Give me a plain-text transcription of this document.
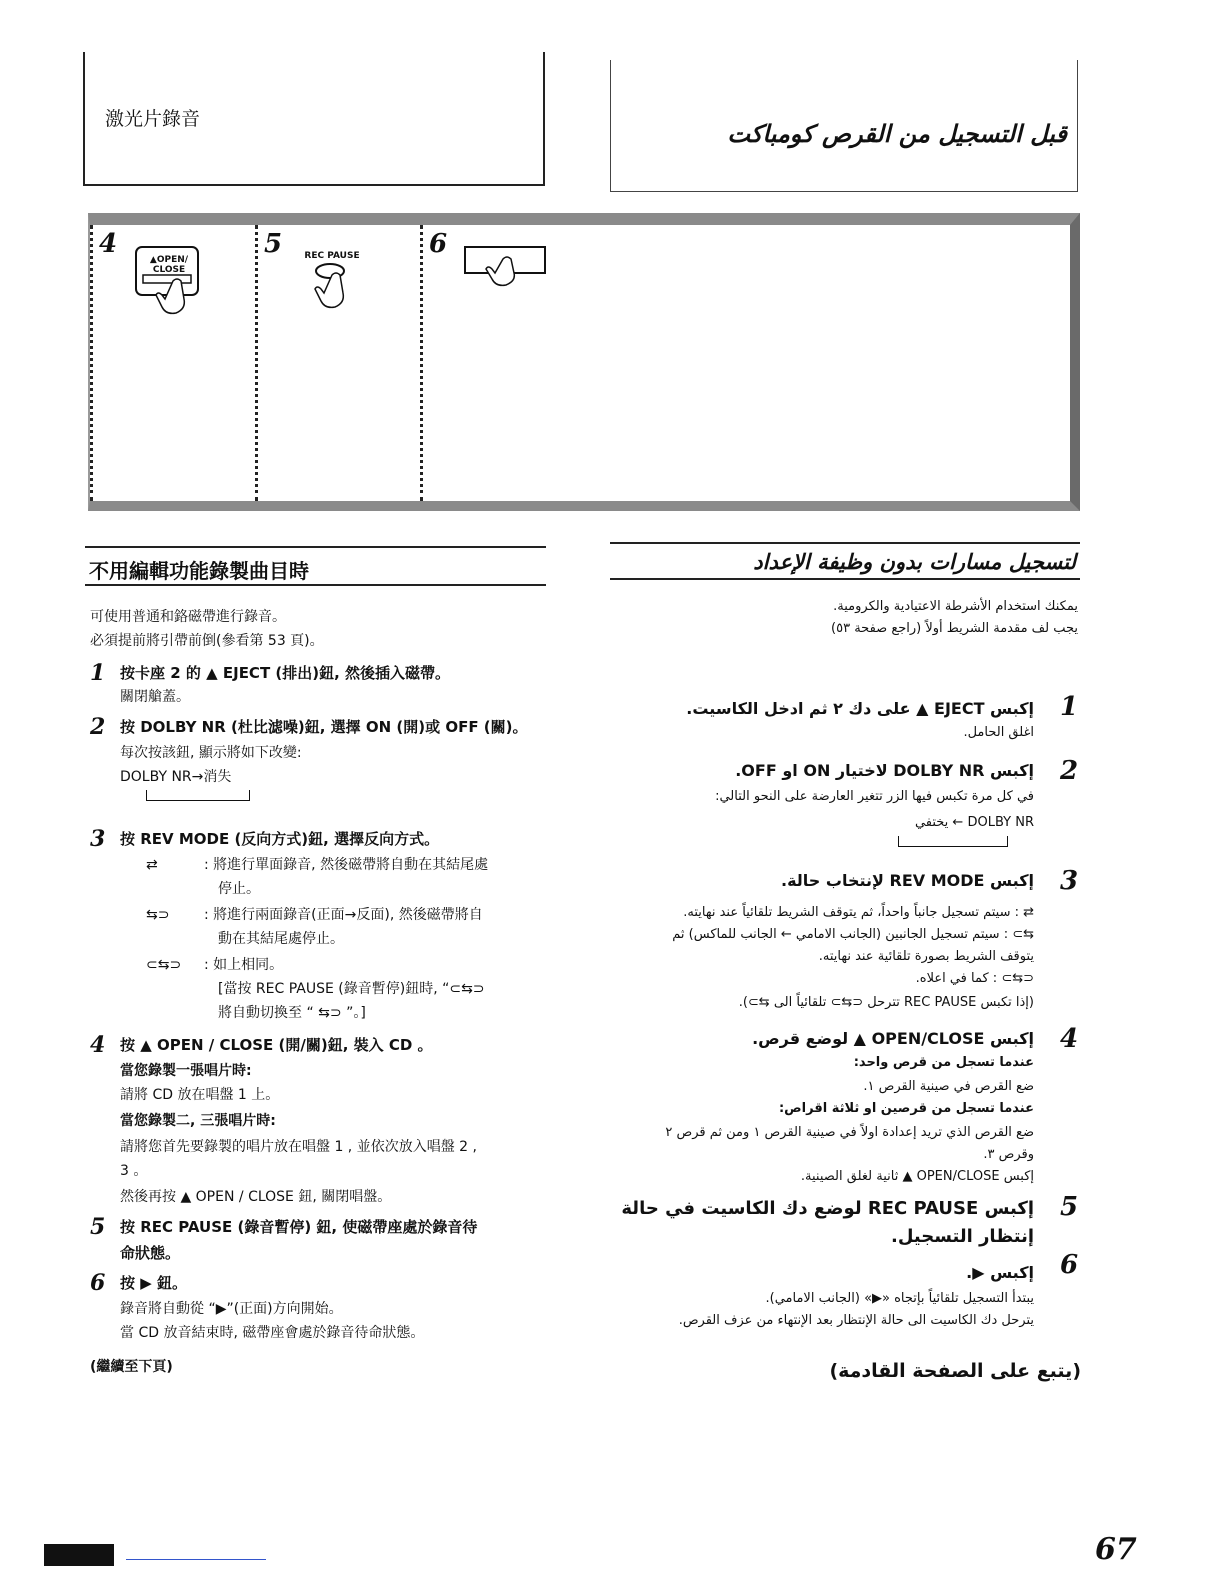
激光片錄音
قبل التسجيل من القرص كومباكت
4
▲OPEN/
CLOSE
5 REC PAUSE	6
不用編輯功能錄製曲目時	لتسجيل مسارات بدون وظيفة الإعداد
可使用普通和鉻磁帶進行錄音。
必須提前將引帶前倒(參看第 53 頁)。
1 按卡座 2 的 ▲ EJECT (排出)鈕, 然後插入磁帶。
關閉艙蓋。
2 按 DOLBY NR (杜比滤噪)鈕, 選擇 ON (開)或 OFF (關)。
每次按該鈕, 顯示將如下改變:
DOLBY NR→消失
3 按 REV MODE (反向方式)鈕, 選擇反向方式。
⇄	: 將進行單面錄音, 然後磁帶將自動在其結尾處
停止。
⇆⊃ : 將進行兩面錄音(正面→反面), 然後磁帶將自
動在其結尾處停止。
⊂⇆⊃ : 如上相同。
[當按 REC PAUSE (錄音暫停)鈕時, “⊂⇆⊃
將自動切換至 “ ⇆⊃ ”。]
4 按 ▲ OPEN / CLOSE (開/關)鈕, 裝入 CD 。
當您錄製一張唱片時:
請將 CD 放在唱盤 1 上。
當您錄製二, 三張唱片時:
請將您首先要錄製的唱片放在唱盤 1 , 並依次放入唱盤 2 ,
3 。
然後再按 ▲ OPEN / CLOSE 鈕, 關閉唱盤。
5 按 REC PAUSE (錄音暫停) 鈕, 使磁帶座處於錄音待
命狀態。
6 按 ▶ 鈕。
錄音將自動從 “▶”(正面)方向開始。
當 CD 放音結束時, 磁帶座會處於錄音待命狀態。
(繼續至下頁)
يمكنك استخدام الأشرطة الاعتيادية والكرومية.
يجب لف مقدمة الشريط أولاً (راجع صفحة ٥٣)
1
إكبس EJECT ▲ على دك ٢ ثم ادخل الكاسيت.
اغلق الحامل.
2
إكبس DOLBY NR لاختيار ON او OFF.
في كل مرة تكبس فيها الزر تتغير العارضة على النحو التالي:
DOLBY NR ← يختفي
3
إكبس REV MODE لإنتخاب حالة.
⇄ : سيتم تسجيل جانباً واحداً، ثم يتوقف الشريط تلقائياً عند نهايته.
⇆⊃ : سيتم تسجيل الجانبين (الجانب الامامي ← الجانب للماكس) ثم
يتوقف الشريط بصورة تلقائية عند نهايته.
⊂⇆⊃ : كما في اعلاه.
(إذا تكبس REC PAUSE تترحل ⊂⇆⊃ تلقائياً الى ⇆⊃).
4
إكبس OPEN/CLOSE ▲ لوضع قرص.
عندما تسجل من قرص واحد:
ضع القرص في صينية القرص ١.
عندما تسجل من قرصين او ثلاثة اقراص:
ضع القرص الذي تريد إعدادة اولاً في صينية القرص ١ ومن ثم قرص ٢
وقرص ٣.
إكبس OPEN/CLOSE ▲ ثانية لغلق الصينية.
5
إكبس REC PAUSE لوضع دك الكاسيت في حالة
إنتظار التسجيل.
6
إكبس ▶.
يبتدأ التسجيل تلقائياً بإتجاه «▶» (الجانب الامامي).
يترحل دك الكاسيت الى حالة الإنتظار بعد الإنتهاء من عزف القرص.
(يتبع على الصفحة القادمة)
67
